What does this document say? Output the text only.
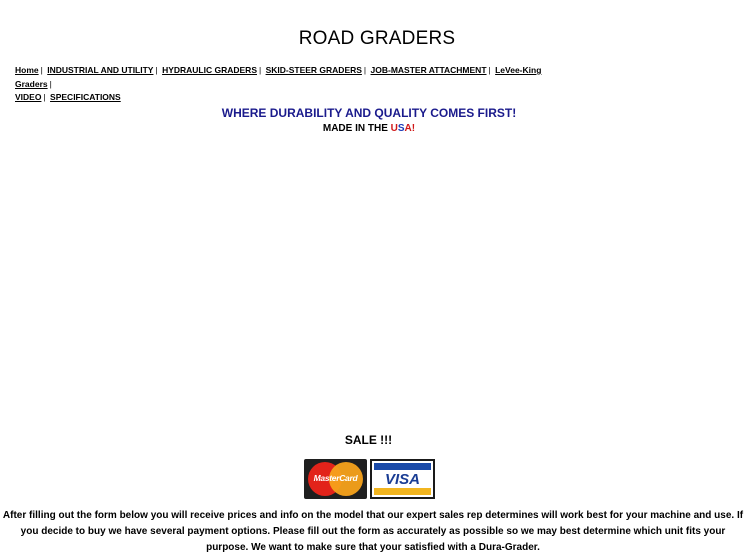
ROAD GRADERS
Home | INDUSTRIAL AND UTILITY | HYDRAULIC GRADERS | SKID-STEER GRADERS | JOB-MASTER ATTACHMENT | LeVee-King Graders |
VIDEO | SPECIFICATIONS
WHERE DURABILITY AND QUALITY COMES FIRST!
MADE IN THE USA!
SALE !!!
MasterCard	VISA
After filling out the form below you will receive prices and info on the model that our expert sales rep determines will work best for your machine and use. If you decide to buy we have several payment options. Please fill out the form as accurately as possible so we may best determine which unit fits your purpose. We want to make sure that your satisfied with a Dura-Grader.
